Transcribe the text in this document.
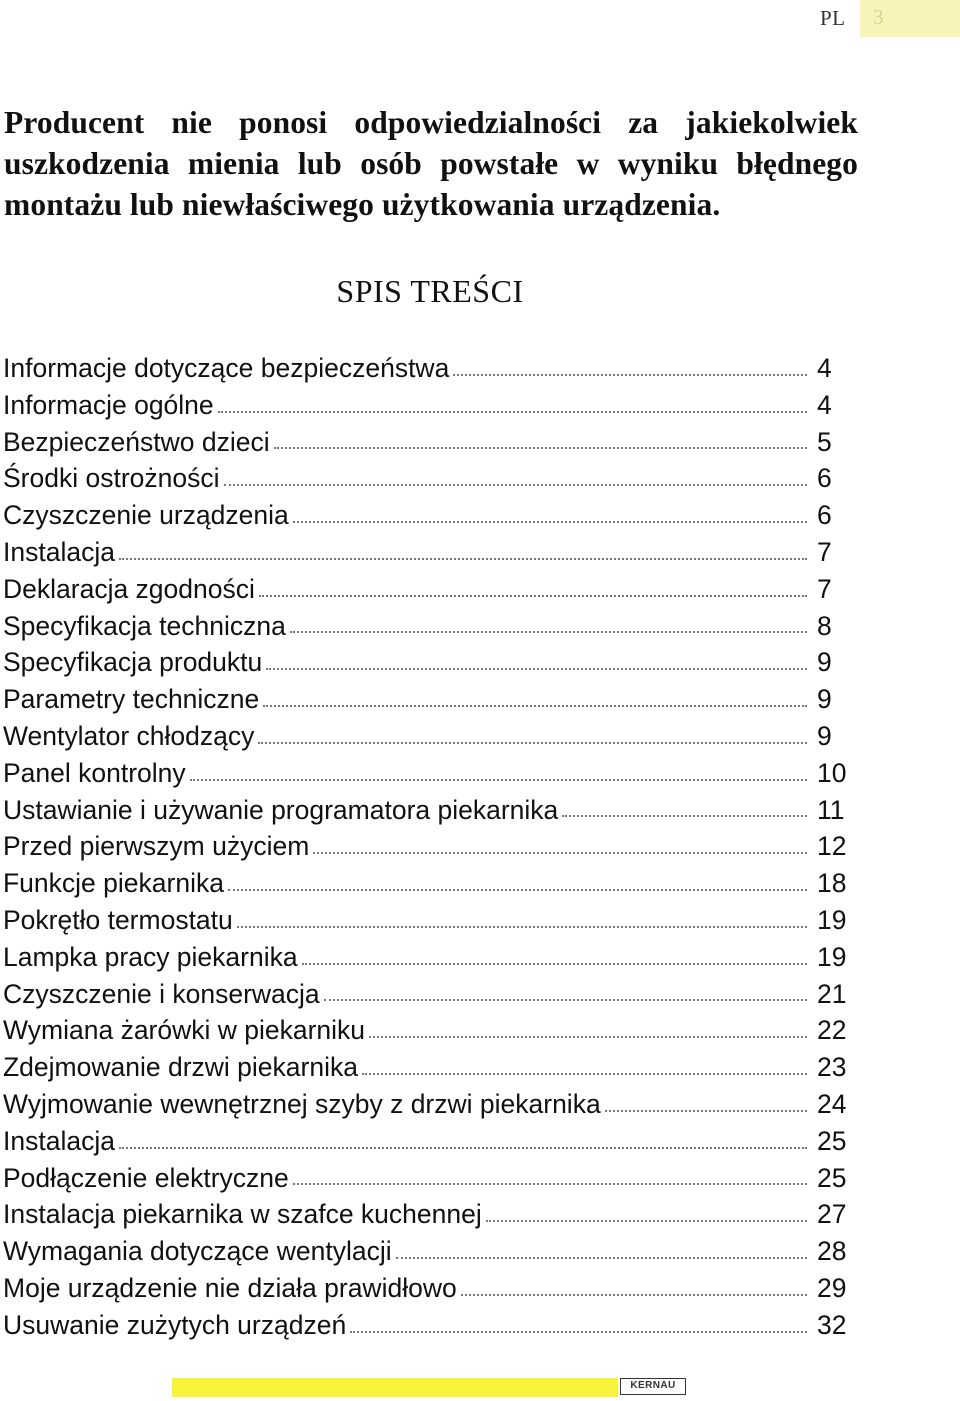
PL	3

Producent nie ponosi odpowiedzialności za jakiekolwiek uszkodzenia mienia lub osób powstałe w wyniku błędnego montażu lub niewłaściwego użytkowania urządzenia.

SPIS TREŚCI
Informacje dotyczące bezpieczeństwa	4
Informacje ogólne	4
Bezpieczeństwo dzieci	5
Środki ostrożności	6
Czyszczenie urządzenia	6
Instalacja	7
Deklaracja zgodności	7
Specyfikacja techniczna	8
Specyfikacja produktu	9
Parametry techniczne	9
Wentylator chłodzący	9
Panel kontrolny	10
Ustawianie i używanie programatora piekarnika	11
Przed pierwszym użyciem	12
Funkcje piekarnika	18
Pokrętło termostatu	19
Lampka pracy piekarnika	19
Czyszczenie i konserwacja	21
Wymiana żarówki w piekarniku	22
Zdejmowanie drzwi piekarnika	23
Wyjmowanie wewnętrznej szyby z drzwi piekarnika	24
Instalacja	25
Podłączenie elektryczne	25
Instalacja piekarnika w szafce kuchennej	27
Wymagania dotyczące wentylacji	28
Moje urządzenie nie działa prawidłowo	29
Usuwanie zużytych urządzeń	32
KERNAU
